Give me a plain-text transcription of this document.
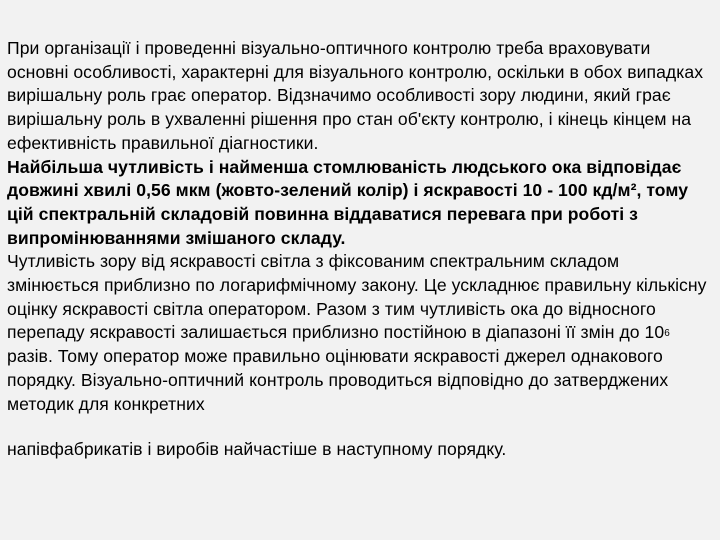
При організації і проведенні візуально-оптичного контролю треба враховувати основні особливості, характерні для візуального контролю, оскільки в обох випадках вирішальну роль грає оператор. Відзначимо особливості зору людини, який грає вирішальну роль в ухваленні рішення про стан об'єкту контролю, і кінець кінцем на ефективність правильної діагностики.

Найбільша чутливість і найменша стомлюваність людського ока відповідає довжині хвилі 0,56 мкм (жовто-зелений колір) і яскравості 10 - 100 кд/м², тому цій спектральній складовій повинна віддаватися перевага при роботі з випромінюваннями змішаного складу.

Чутливість зору від яскравості світла з фіксованим спектральним складом змінюється приблизно по логарифмічному закону. Це ускладнює правильну кількісну оцінку яскравості світла оператором. Разом з тим чутливість ока до відносного перепаду яскравості залишається приблизно постійною в діапазоні її змін до $10^6$ разів. Тому оператор може правильно оцінювати яскравості джерел однакового порядку. Візуально-оптичний контроль проводиться відповідно до затверджених методик для конкретних

напівфабрикатів і виробів найчастіше в наступному порядку.
